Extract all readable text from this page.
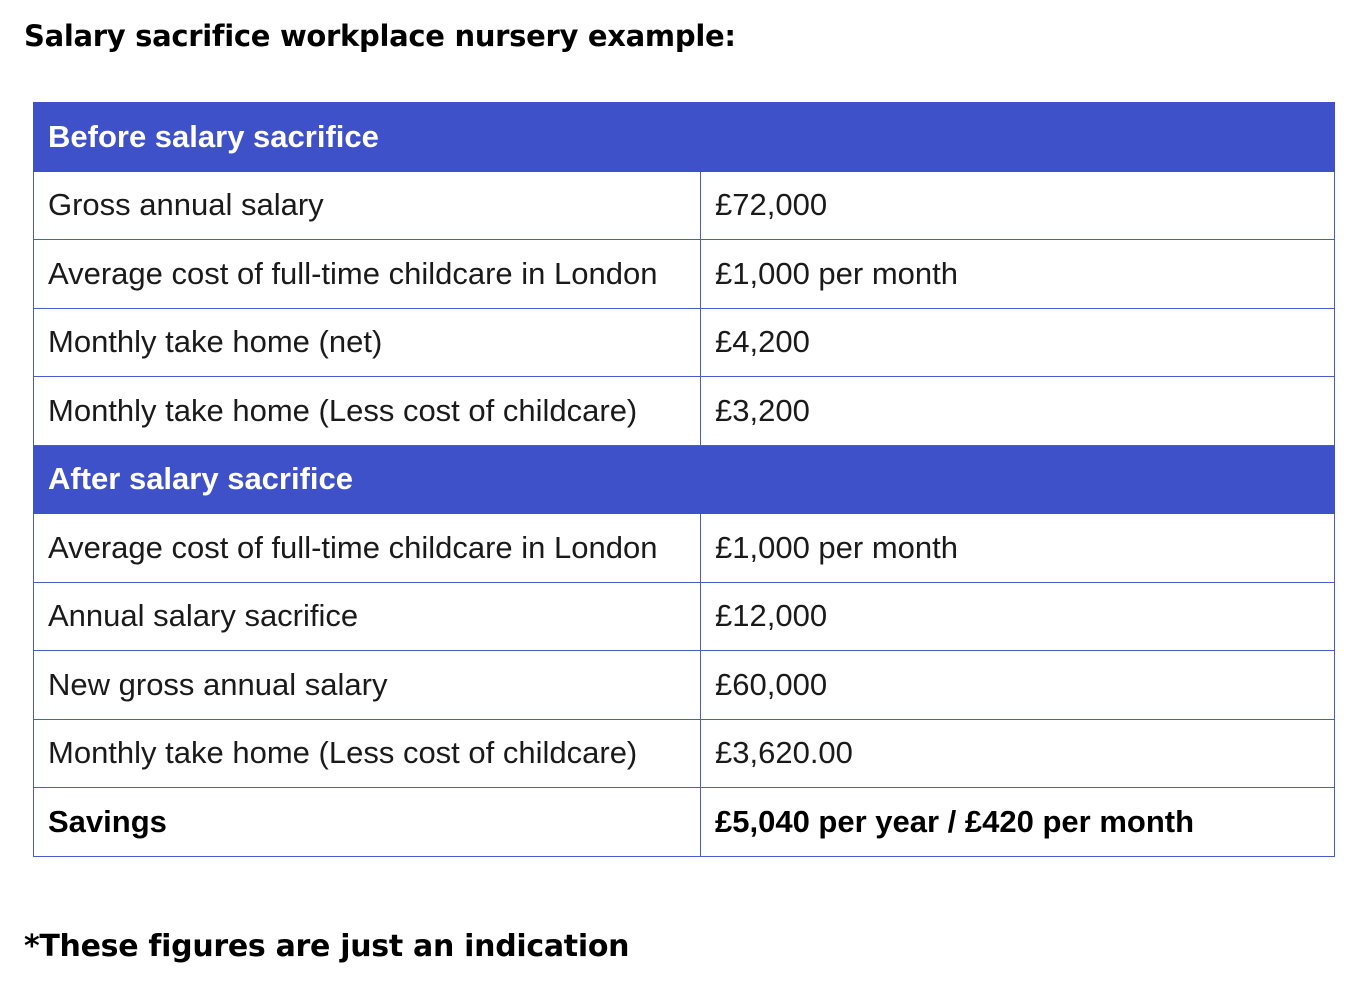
Salary sacrifice workplace nursery example:
Before salary sacrifice	
Gross annual salary	£72,000
Average cost of full-time childcare in London	£1,000 per month
Monthly take home (net)	£4,200
Monthly take home (Less cost of childcare)	£3,200
After salary sacrifice	
Average cost of full-time childcare in London	£1,000 per month
Annual salary sacrifice	£12,000
New gross annual salary	£60,000
Monthly take home (Less cost of childcare)	£3,620.00
Savings	£5,040 per year / £420 per month

*These figures are just an indication
